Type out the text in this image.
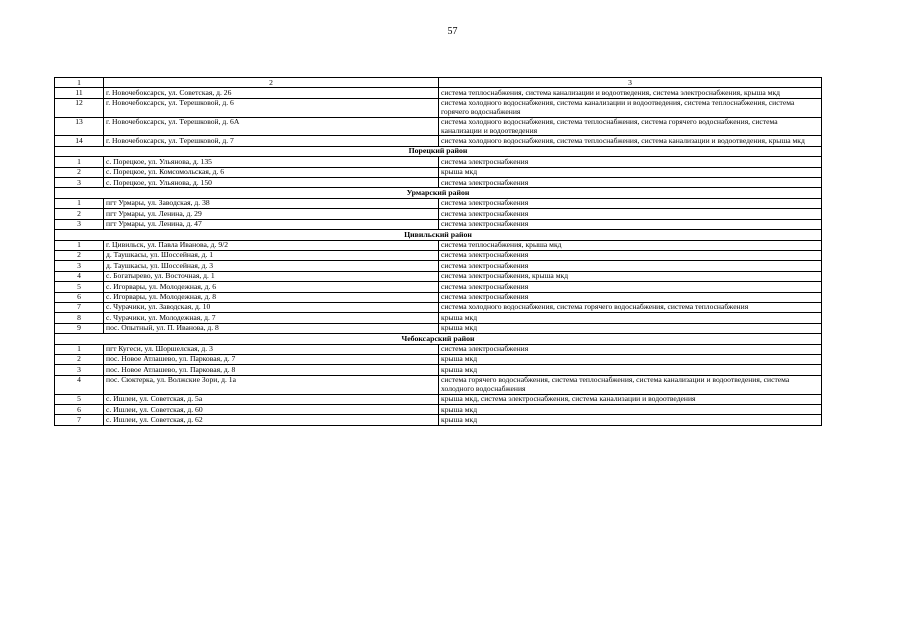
57
1	2	3
11	г. Новочебоксарск, ул. Советская, д. 26	система теплоснабжения, система канализации и водоотведения, система электроснабжения, крыша мкд
12	г. Новочебоксарск, ул. Терешковой, д. 6	система холодного водоснабжения, система канализации и водоотведения, система теплоснабжения, система горячего водоснабжения
13	г. Новочебоксарск, ул. Терешковой, д. 6А	система холодного водоснабжения, система теплоснабжения, система горячего водоснабжения, система канализации и водоотведения
14	г. Новочебоксарск, ул. Терешковой, д. 7	система холодного водоснабжения, система теплоснабжения, система канализации и водоотведения, крыша мкд
Порецкий район		
1	с. Порецкое, ул. Ульянова, д. 135	система электроснабжения
2	с. Порецкое, ул. Комсомольская, д. 6	крыша мкд
3	с. Порецкое, ул. Ульянова, д. 150	система электроснабжения
Урмарский район		
1	пгт Урмары, ул. Заводская, д. 38	система электроснабжения
2	пгт Урмары, ул. Ленина, д. 29	система электроснабжения
3	пгт Урмары, ул. Ленина, д. 47	система электроснабжения
Цивильский район		
1	г. Цивильск, ул. Павла Иванова, д. 9/2	система теплоснабжения, крыша мкд
2	д. Таушкасы, ул. Шоссейная, д. 1	система электроснабжения
3	д. Таушкасы, ул. Шоссейная, д. 3	система электроснабжения
4	с. Богатырево, ул. Восточная, д. 1	система электроснабжения, крыша мкд
5	с. Игорвары, ул. Молодежная, д. 6	система электроснабжения
6	с. Игорвары, ул. Молодежная, д. 8	система электроснабжения
7	с. Чурачики, ул. Заводская, д. 10	система холодного водоснабжения, система горячего водоснабжения, система теплоснабжения
8	с. Чурачики, ул. Молодежная, д. 7	крыша мкд
9	пос. Опытный, ул. П. Иванова, д. 8	крыша мкд
Чебоксарский район		
1	пгт Кугеси, ул. Шоршелская, д. 3	система электроснабжения
2	пос. Новое Атлашево, ул. Парковая, д. 7	крыша мкд
3	пос. Новое Атлашево, ул. Парковая, д. 8	крыша мкд
4	пос. Сюктерка, ул. Волжские Зори, д. 1а	система горячего водоснабжения, система теплоснабжения, система канализации и водоотведения, система холодного водоснабжения
5	с. Ишлеи, ул. Советская, д. 5а	крыша мкд, система электроснабжения, система канализации и водоотведения
6	с. Ишлеи, ул. Советская, д. 60	крыша мкд
7	с. Ишлеи, ул. Советская, д. 62	крыша мкд
